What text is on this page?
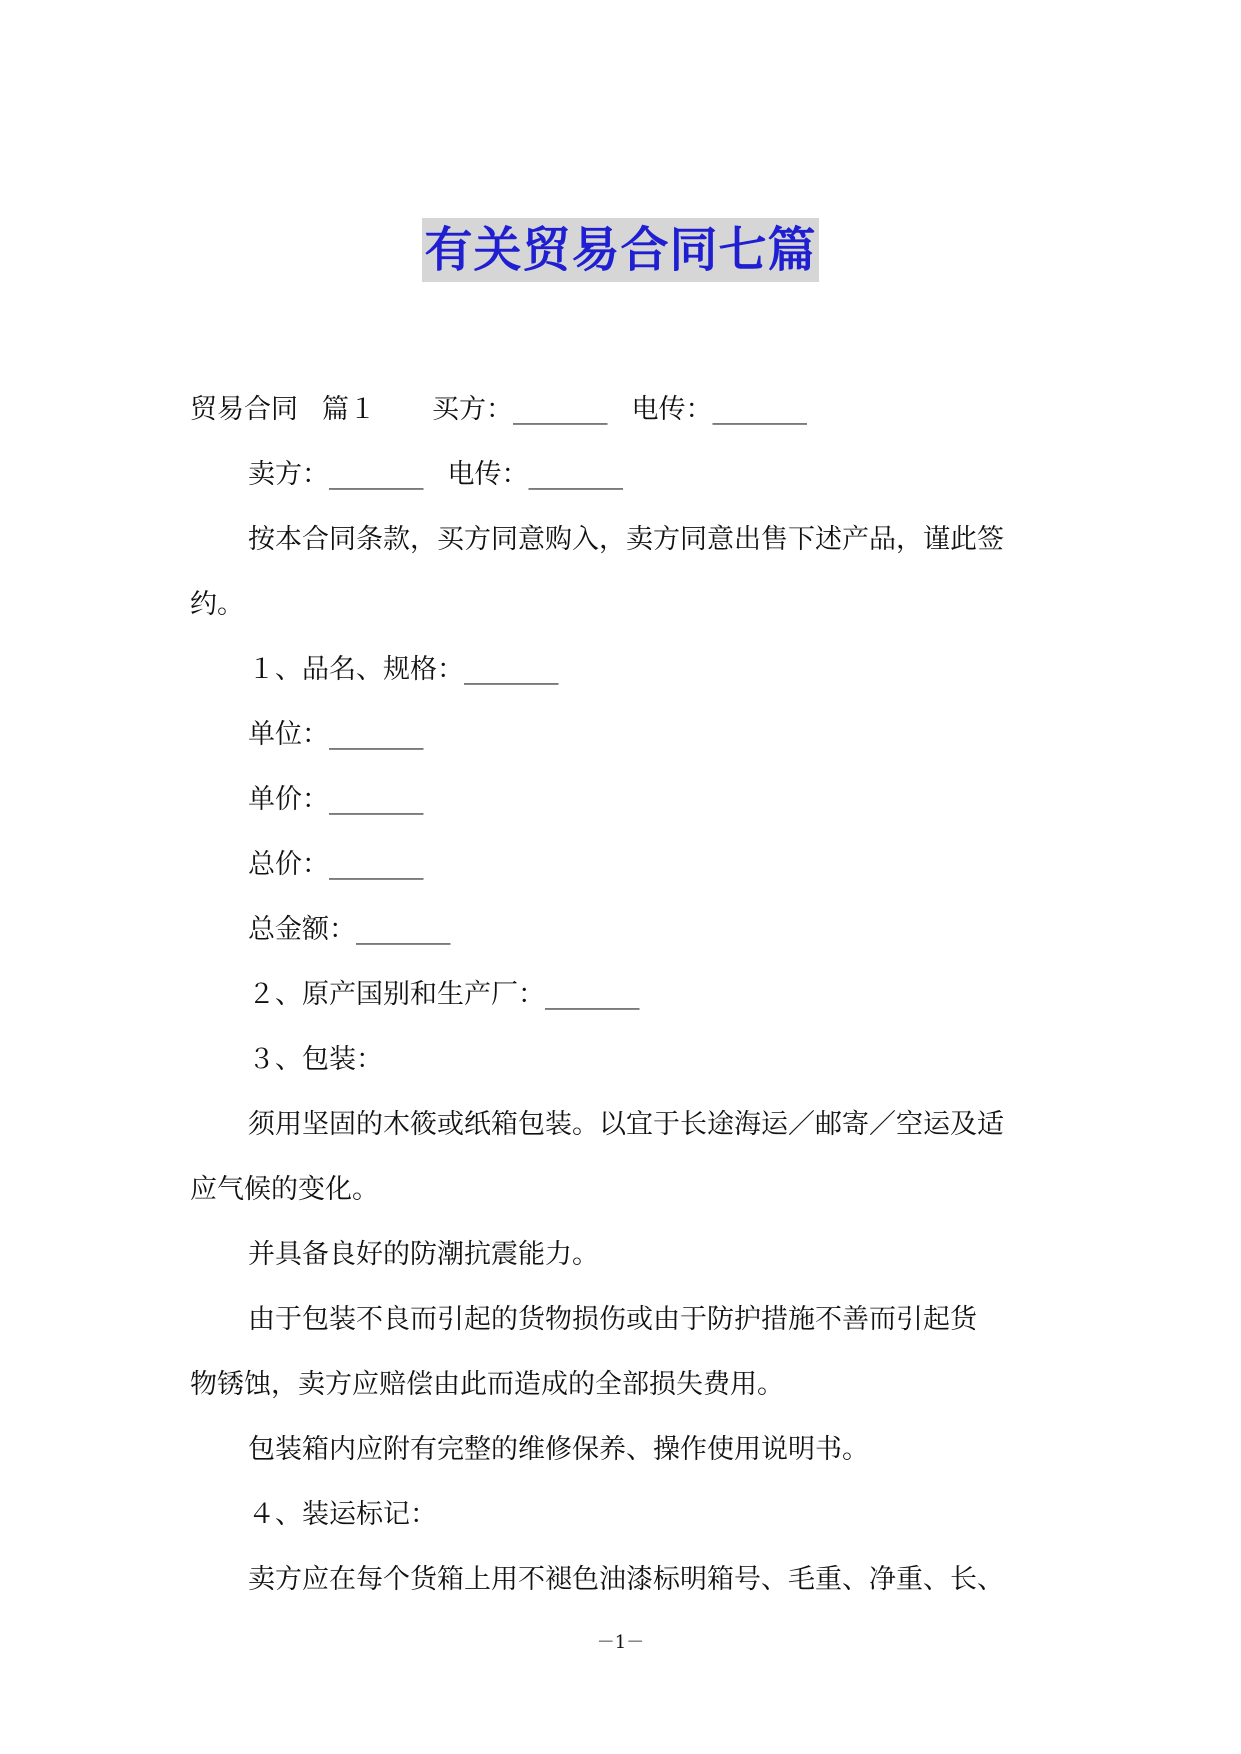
有关贸易合同七篇
贸易合同 篇１ 买方：_______ 电传：_______
卖方：_______ 电传：_______
按本合同条款，买方同意购入，卖方同意出售下述产品，谨此签
约。
１、品名、规格：_______
单位：_______
单价：_______
总价：_______
总金额：_______
２、原产国别和生产厂：_______
３、包装：
须用坚固的木筱或纸箱包装。以宜于长途海运／邮寄／空运及适
应气候的变化。
并具备良好的防潮抗震能力。
由于包装不良而引起的货物损伤或由于防护措施不善而引起货
物锈蚀，卖方应赔偿由此而造成的全部损失费用。
包装箱内应附有完整的维修保养、操作使用说明书。
４、装运标记：
卖方应在每个货箱上用不褪色油漆标明箱号、毛重、净重、长、
－1－
